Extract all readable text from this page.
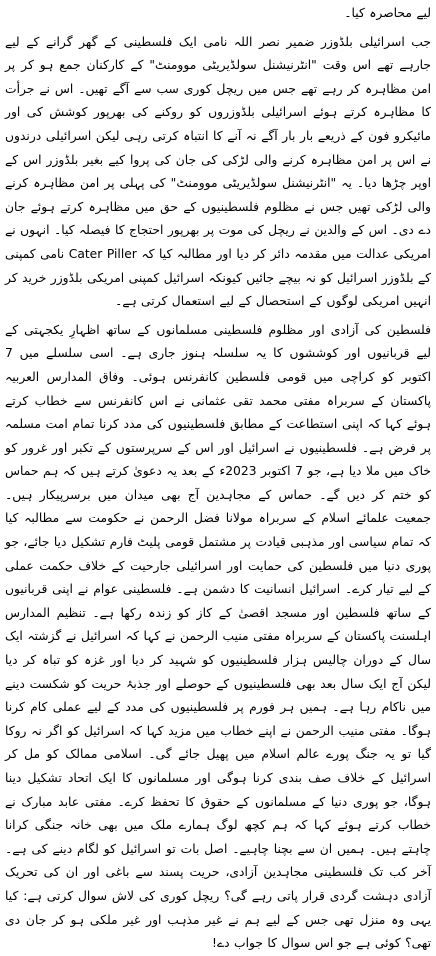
لیے محاصرہ کیا۔

جب اسرائیلی بلڈوزر ضمیر نصر اللہ نامی ایک فلسطینی کے گھر گرانے کے لیے جارہے تھے اس وقت "انٹرنیشنل سولڈیریٹی موومنٹ" کے کارکنان جمع ہو کر پر امن مظاہرہ کر رہے تھے جس میں ریچل کوری سب سے آگے تھیں۔ اس نے جرأت کا مظاہرہ کرتے ہوئے اسرائیلی بلڈوزروں کو روکنے کی بھرپور کوشش کی اور مائیکرو فون کے ذریعے بار بار آگے نہ آنے کا انتباہ کرتی رہی لیکن اسرائیلی درندوں نے اس پر امن مظاہرہ کرنے والی لڑکی کی جان کی پروا کیے بغیر بلڈوزر اس کے اوپر چڑھا دیا۔ یہ "انٹرنیشنل سولڈیریٹی موومنٹ" کی پہلی پر امن مظاہرہ کرنے والی لڑکی تھیں جس نے مظلوم فلسطینیوں کے حق میں مظاہرہ کرتے ہوئے جان دے دی۔ اس کے والدین نے ریچل کی موت پر بھرپور احتجاج کا فیصلہ کیا۔ انہوں نے امریکی عدالت میں مقدمہ دائر کر دیا اور مطالبہ کیا کہ Cater Piller نامی کمپنی کے بلڈوزر اسرائیل کو نہ بیچے جائیں کیونکہ اسرائیل کمپنی امریکی بلڈوزر خرید کر انہیں امریکی لوگوں کے استحصال کے لیے استعمال کرتی ہے۔

فلسطین کی آزادی اور مظلوم فلسطینی مسلمانوں کے ساتھ اظہارِ یکجہتی کے لیے قربانیوں اور کوششوں کا یہ سلسلہ ہنوز جاری ہے۔ اسی سلسلے میں 7 اکتوبر کو کراچی میں قومی فلسطین کانفرنس ہوئی۔ وفاق المدارس العربیہ پاکستان کے سربراہ مفتی محمد تقی عثمانی نے اس کانفرنس سے خطاب کرتے ہوئے کہا کہ اپنی استطاعت کے مطابق فلسطینیوں کی مدد کرنا تمام امت مسلمہ پر فرض ہے۔ فلسطینیوں نے اسرائیل اور اس کے سرپرستوں کے تکبر اور غرور کو خاک میں ملا دیا ہے، جو 7 اکتوبر 2023ء کے بعد یہ دعویٰ کرتے ہیں کہ ہم حماس کو ختم کر دیں گے۔ حماس کے مجاہدین آج بھی میدان میں برسرپیکار ہیں۔ جمعیت علمائے اسلام کے سربراہ مولانا فضل الرحمن نے حکومت سے مطالبہ کیا کہ تمام سیاسی اور مذہبی قیادت پر مشتمل قومی پلیٹ فارم تشکیل دیا جائے، جو پوری دنیا میں فلسطین کی حمایت اور اسرائیلی جارحیت کے خلاف حکمت عملی کے لیے تیار کرے۔ اسرائیل انسانیت کا دشمن ہے۔ فلسطینی عوام نے اپنی قربانیوں کے ساتھ فلسطین اور مسجد اقصیٰ کے کاز کو زندہ رکھا ہے۔ تنظیم المدارس اہلسنت پاکستان کے سربراہ مفتی منیب الرحمن نے کہا کہ اسرائیل نے گزشتہ ایک سال کے دوران چالیس ہزار فلسطینیوں کو شہید کر دیا اور غزہ کو تباہ کر دیا لیکن آج ایک سال بعد بھی فلسطینیوں کے حوصلے اور جذبۂ حریت کو شکست دینے میں ناکام رہا ہے۔ ہمیں ہر فورم پر فلسطینیوں کی مدد کے لیے عملی کام کرنا ہوگا۔ مفتی منیب الرحمن نے اپنے خطاب میں مزید کہا کہ اسرائیل کو اگر نہ روکا گیا تو یہ جنگ پورے عالم اسلام میں پھیل جائے گی۔ اسلامی ممالک کو مل کر اسرائیل کے خلاف صف بندی کرنا ہوگی اور مسلمانوں کا ایک اتحاد تشکیل دینا ہوگا، جو پوری دنیا کے مسلمانوں کے حقوق کا تحفظ کرے۔ مفتی عابد مبارک نے خطاب کرتے ہوئے کہا کہ ہم کچھ لوگ ہمارے ملک میں بھی خانہ جنگی کرانا چاہتے ہیں۔ ہمیں ان سے بچنا چاہیے۔ اصل بات تو اسرائیل کو لگام دینے کی ہے۔ آخر کب تک فلسطینی مجاہدین آزادی، حریت پسند سے باغی اور ان کی تحریک آزادی دہشت گردی قرار پاتی رہے گی؟ ریچل کوری کی لاش سوال کرتی ہے: کیا یہی وہ منزل تھی جس کے لیے ہم نے غیر مذہب اور غیر ملکی ہو کر جان دی تھی؟ کوئی ہے جو اس سوال کا جواب دے!
